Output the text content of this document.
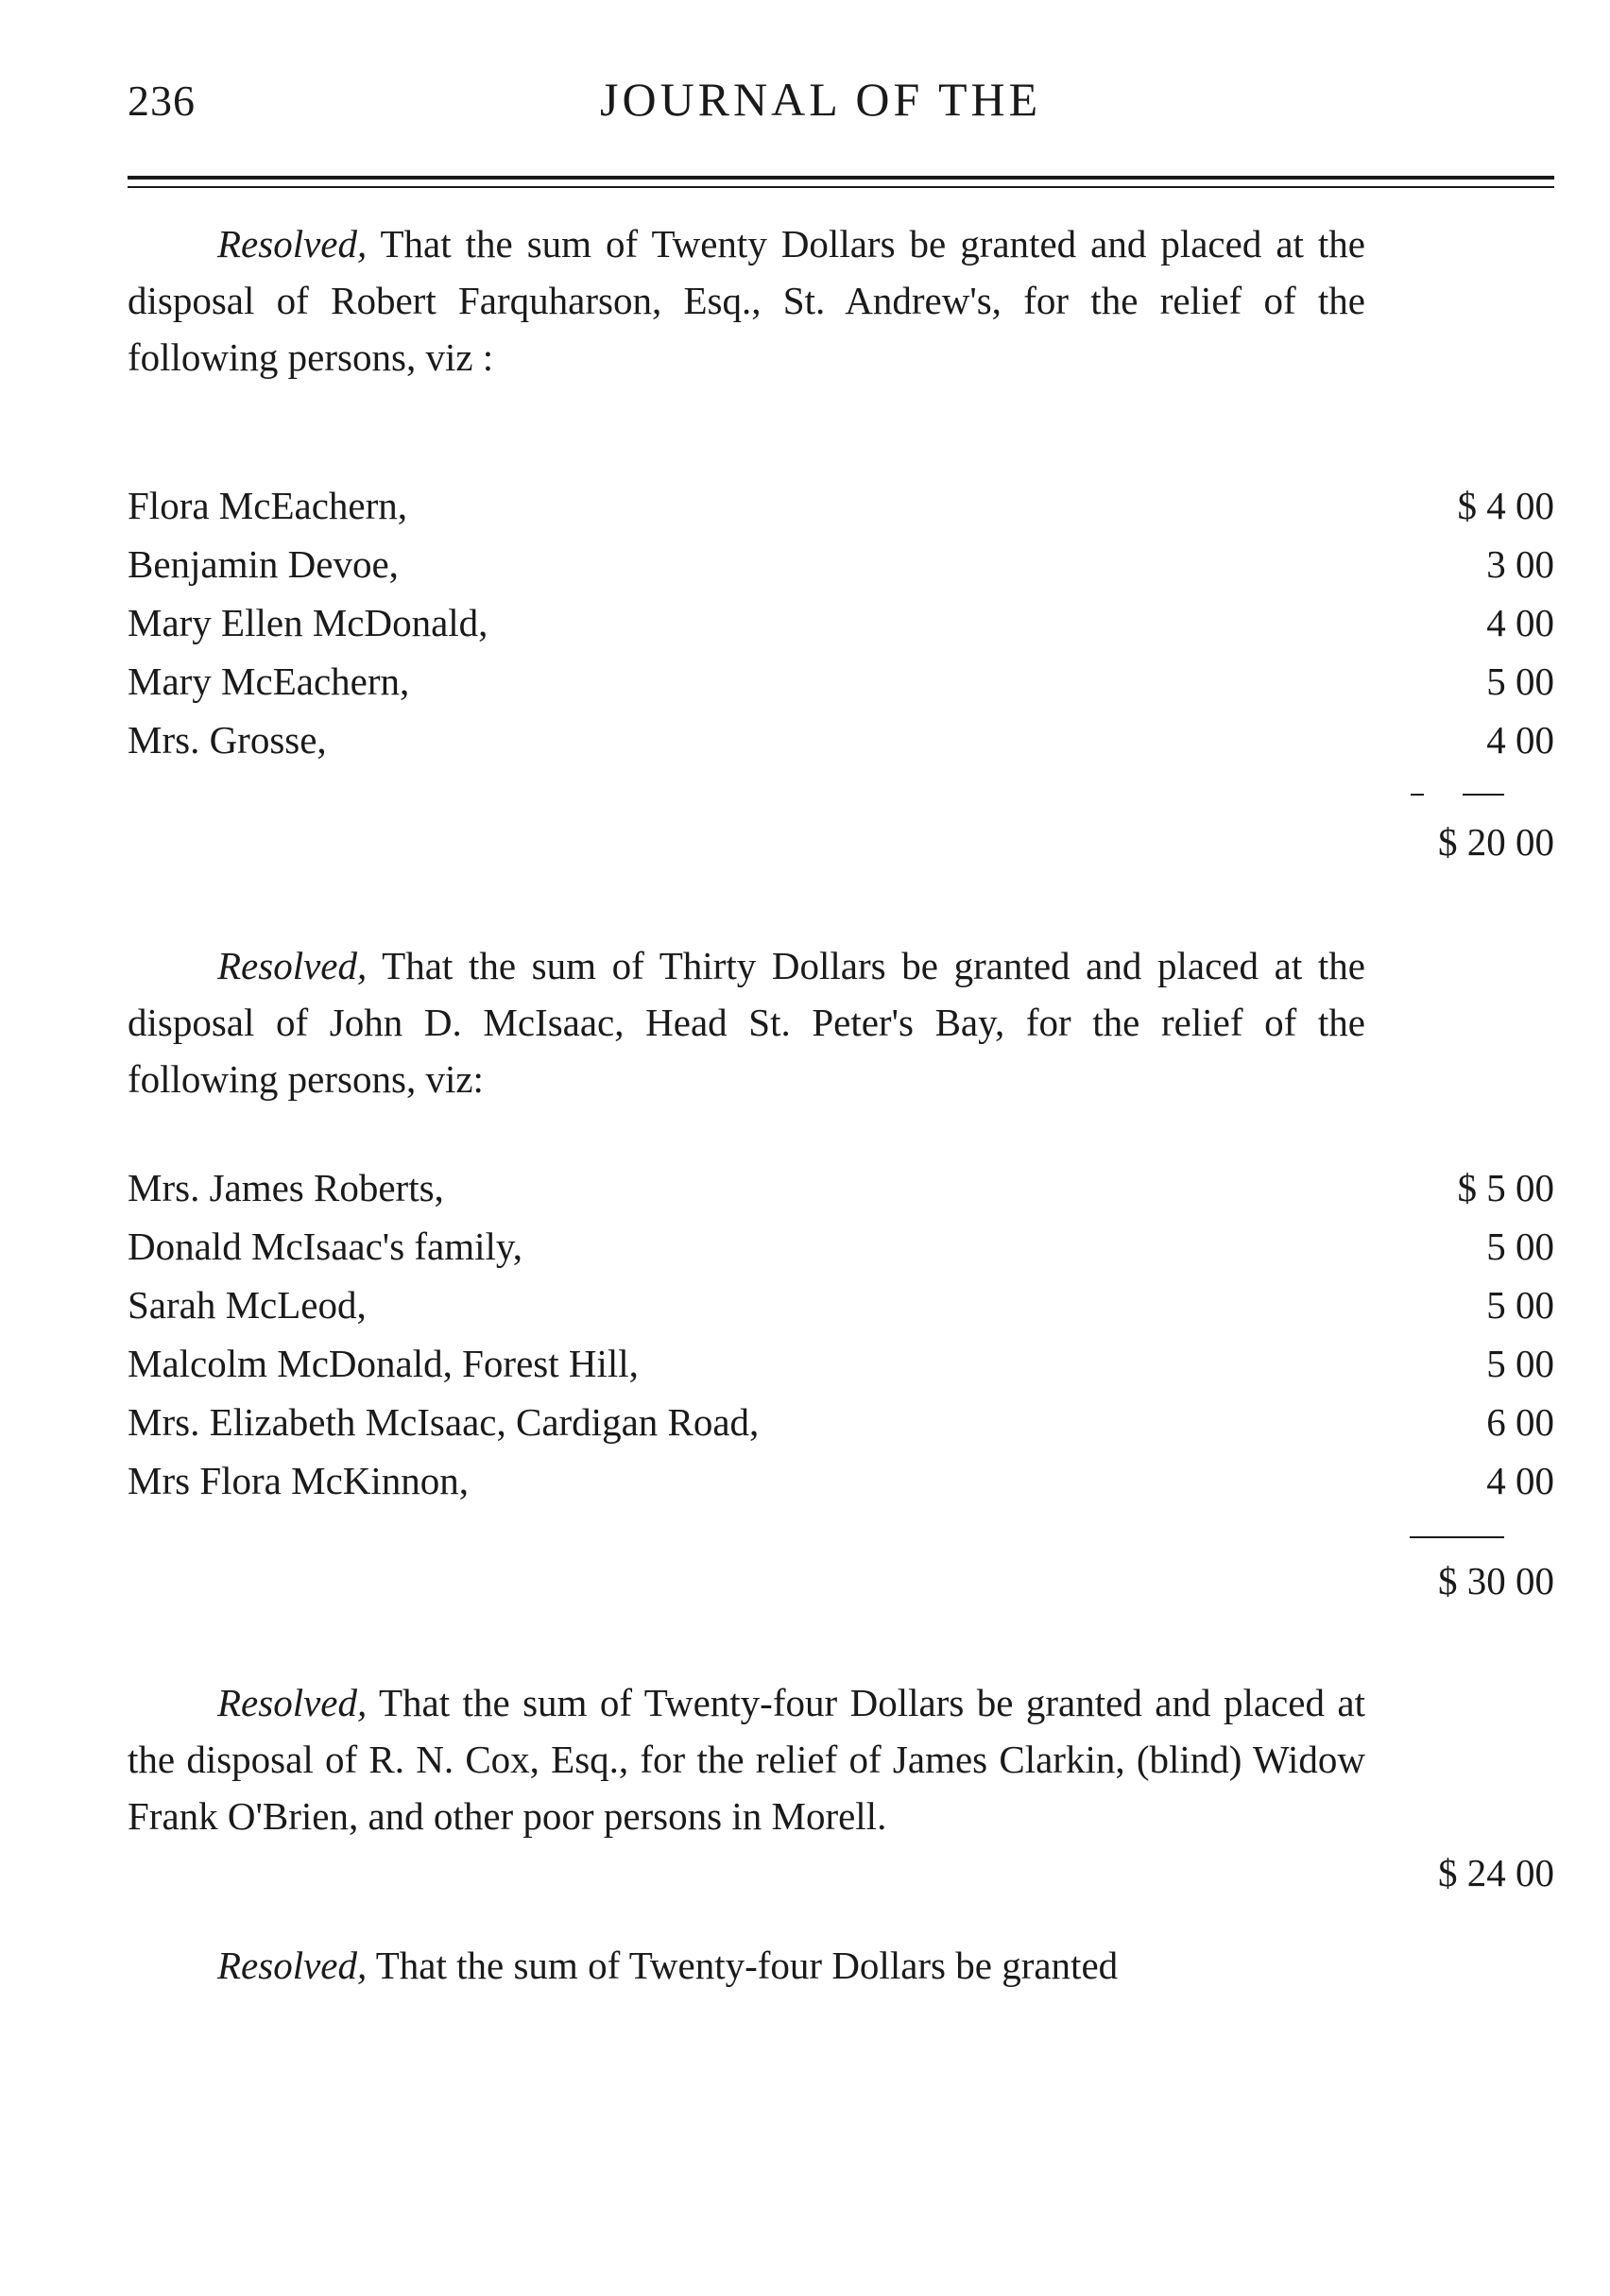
236	JOURNAL OF THE

Resolved, That the sum of Twenty Dollars be granted and placed at the disposal of Robert Farquharson, Esq., St. Andrew's, for the relief of the following persons, viz :

Flora McEachern,	$ 4 00
Benjamin Devoe,	3 00
Mary Ellen McDonald,	4 00
Mary McEachern,	5 00
Mrs. Grosse,	4 00
$ 20 00

Resolved, That the sum of Thirty Dollars be granted and placed at the disposal of John D. McIsaac, Head St. Peter's Bay, for the relief of the following persons, viz:

Mrs. James Roberts,	$ 5 00
Donald McIsaac's family,	5 00
Sarah McLeod,	5 00
Malcolm McDonald, Forest Hill,	5 00
Mrs. Elizabeth McIsaac, Cardigan Road,	6 00
Mrs Flora McKinnon,	4 00
$ 30 00

Resolved, That the sum of Twenty-four Dollars be granted and placed at the disposal of R. N. Cox, Esq., for the relief of James Clarkin, (blind) Widow Frank O'Brien, and other poor persons in Morell.

$ 24 00

Resolved, That the sum of Twenty-four Dollars be granted
